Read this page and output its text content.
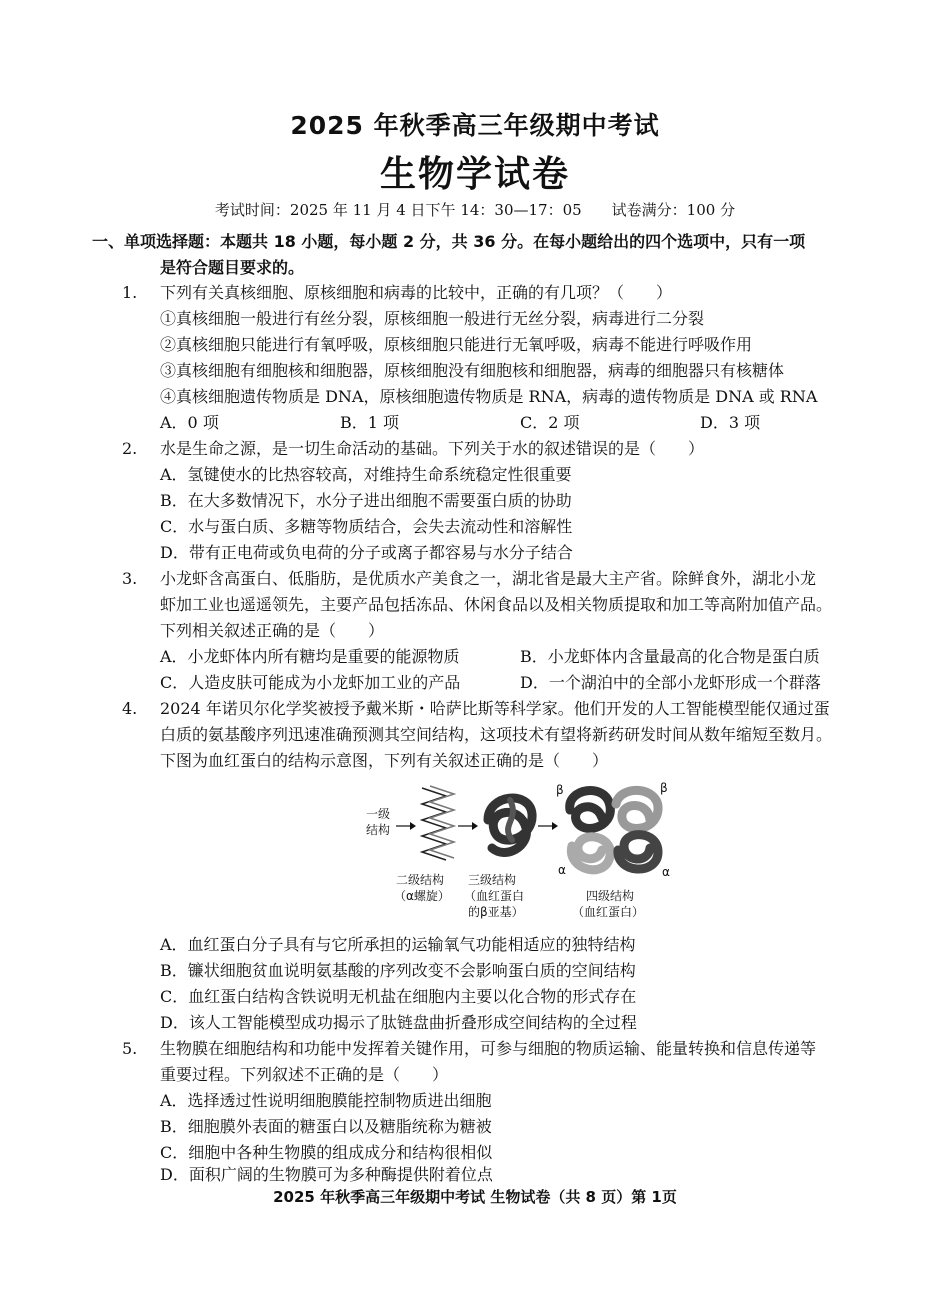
2025 年秋季高三年级期中考试
生物学试卷
考试时间：2025 年 11 月 4 日下午 14：30—17：05　　试卷满分：100 分
一、单项选择题：本题共 18 小题，每小题 2 分，共 36 分。在每小题给出的四个选项中，只有一项
是符合题目要求的。
1. 下列有关真核细胞、原核细胞和病毒的比较中，正确的有几项？（　　）
①真核细胞一般进行有丝分裂，原核细胞一般进行无丝分裂，病毒进行二分裂
②真核细胞只能进行有氧呼吸，原核细胞只能进行无氧呼吸，病毒不能进行呼吸作用
③真核细胞有细胞核和细胞器，原核细胞没有细胞核和细胞器，病毒的细胞器只有核糖体
④真核细胞遗传物质是 DNA，原核细胞遗传物质是 RNA，病毒的遗传物质是 DNA 或 RNA
A．0 项	B．1 项	C．2 项	D．3 项
2. 水是生命之源，是一切生命活动的基础。下列关于水的叙述错误的是（　　）
A．氢键使水的比热容较高，对维持生命系统稳定性很重要
B．在大多数情况下，水分子进出细胞不需要蛋白质的协助
C．水与蛋白质、多糖等物质结合，会失去流动性和溶解性
D．带有正电荷或负电荷的分子或离子都容易与水分子结合
3. 小龙虾含高蛋白、低脂肪，是优质水产美食之一，湖北省是最大主产省。除鲜食外，湖北小龙
虾加工业也遥遥领先，主要产品包括冻品、休闲食品以及相关物质提取和加工等高附加值产品。
下列相关叙述正确的是（　　）
A．小龙虾体内所有糖均是重要的能源物质	B．小龙虾体内含量最高的化合物是蛋白质
C．人造皮肤可能成为小龙虾加工业的产品	D．一个湖泊中的全部小龙虾形成一个群落
4. 2024 年诺贝尔化学奖被授予戴米斯・哈萨比斯等科学家。他们开发的人工智能模型能仅通过蛋
白质的氨基酸序列迅速准确预测其空间结构，这项技术有望将新药研发时间从数年缩短至数月。
下图为血红蛋白的结构示意图，下列有关叙述正确的是（　　）
一级
结构
β	β
α	α
二级结构
（α螺旋）
三级结构
（血红蛋白
的β亚基）
四级结构
（血红蛋白）
A．血红蛋白分子具有与它所承担的运输氧气功能相适应的独特结构
B．镰状细胞贫血说明氨基酸的序列改变不会影响蛋白质的空间结构
C．血红蛋白结构含铁说明无机盐在细胞内主要以化合物的形式存在
D．该人工智能模型成功揭示了肽链盘曲折叠形成空间结构的全过程
5. 生物膜在细胞结构和功能中发挥着关键作用，可参与细胞的物质运输、能量转换和信息传递等
重要过程。下列叙述不正确的是（　　）
A．选择透过性说明细胞膜能控制物质进出细胞
B．细胞膜外表面的糖蛋白以及糖脂统称为糖被
C．细胞中各种生物膜的组成成分和结构很相似
D．面积广阔的生物膜可为多种酶提供附着位点
2025 年秋季高三年级期中考试 生物试卷（共 8 页）第 1页
